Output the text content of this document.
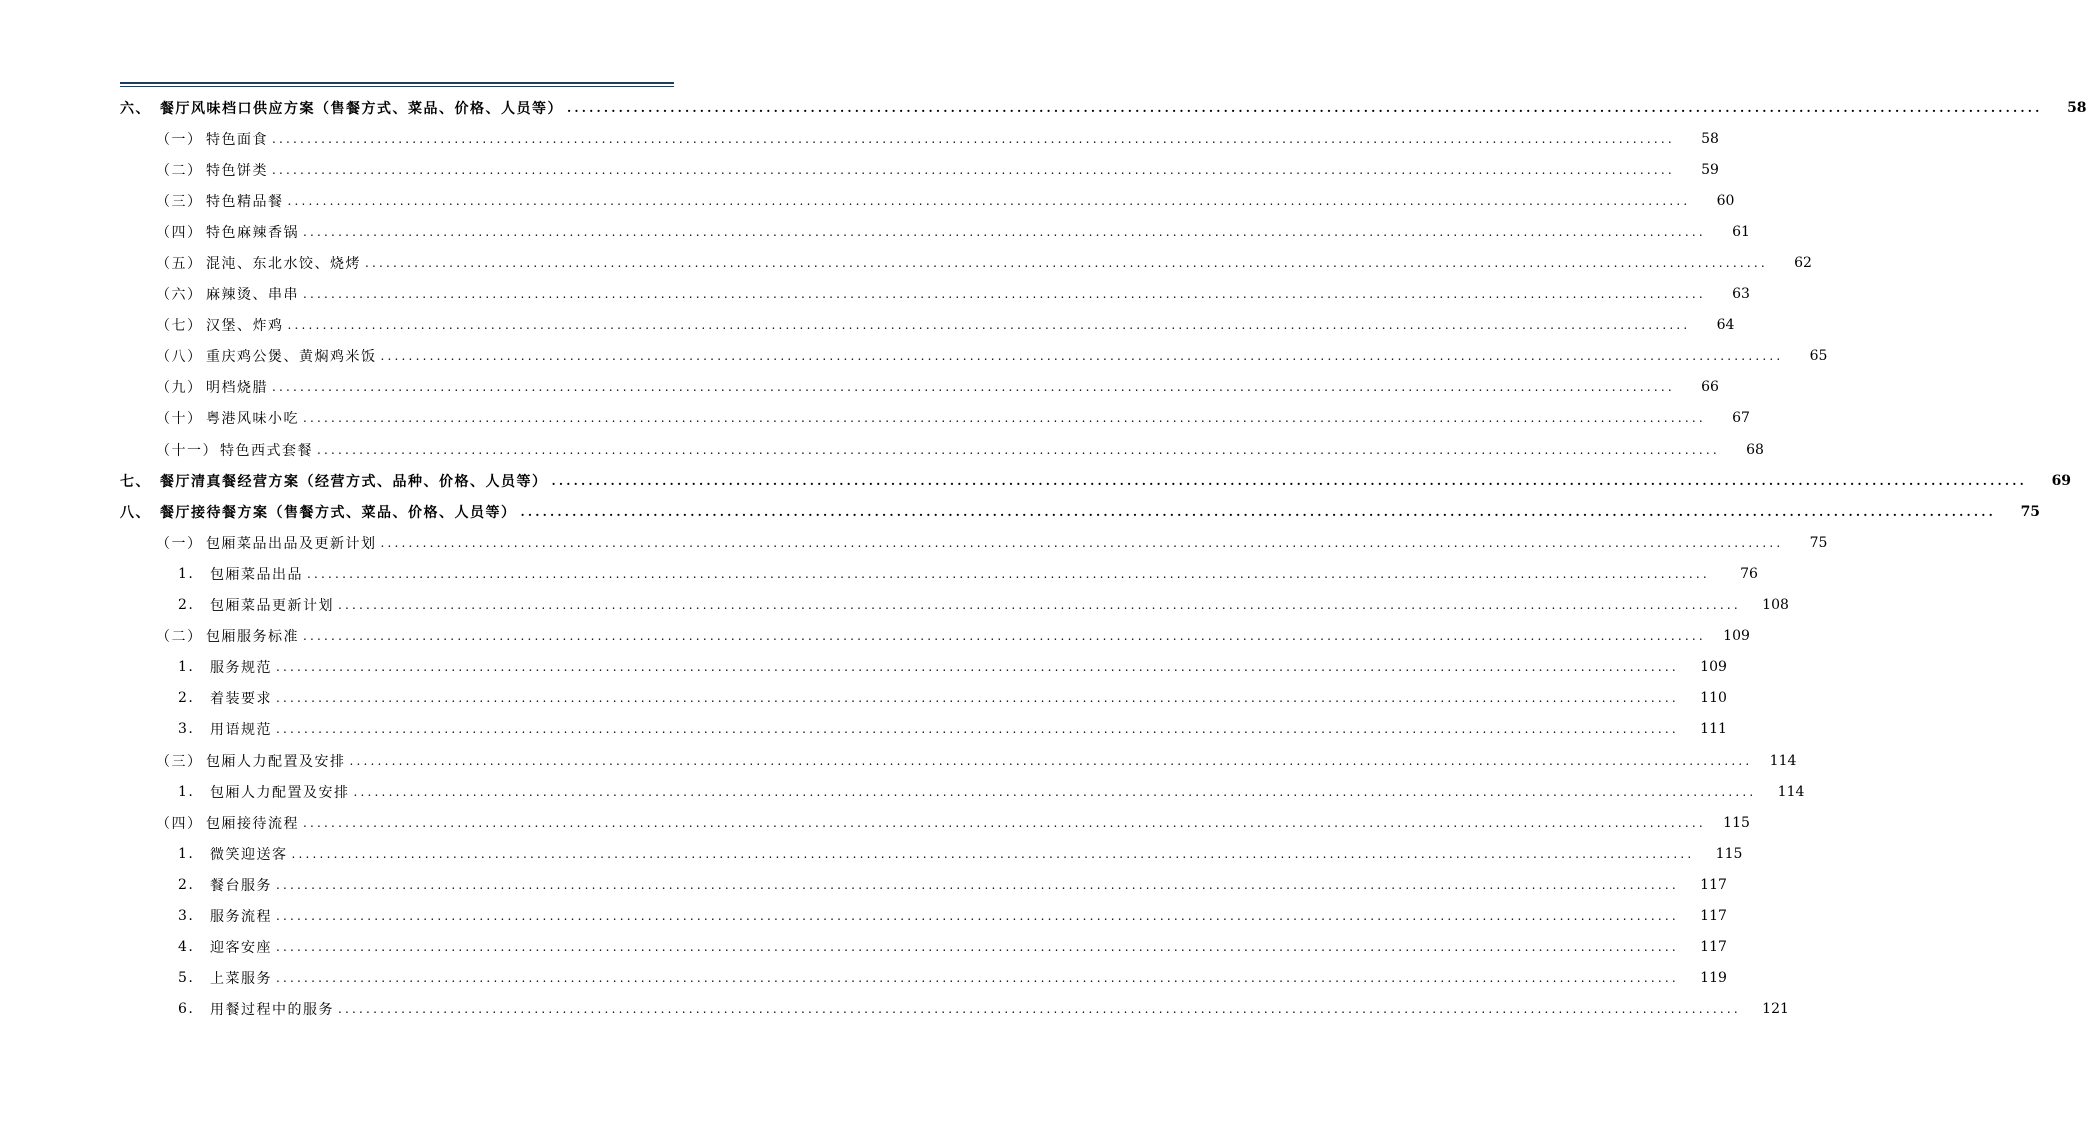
六、 餐厅风味档口供应方案（售餐方式、菜品、价格、人员等） ........................................................................................................................................................................................................	58
（一） 特色面食 ........................................................................................................................................................................................................	58
（二） 特色饼类 ........................................................................................................................................................................................................	59
（三） 特色精品餐 ........................................................................................................................................................................................................	60
（四） 特色麻辣香锅 ........................................................................................................................................................................................................	61
（五） 混沌、东北水饺、烧烤 ........................................................................................................................................................................................................	62
（六） 麻辣烫、串串 ........................................................................................................................................................................................................	63
（七） 汉堡、炸鸡 ........................................................................................................................................................................................................	64
（八） 重庆鸡公煲、黄焖鸡米饭 ........................................................................................................................................................................................................	65
（九） 明档烧腊 ........................................................................................................................................................................................................	66
（十） 粤港风味小吃 ........................................................................................................................................................................................................	67
（十一） 特色西式套餐 ........................................................................................................................................................................................................	68
七、 餐厅清真餐经营方案（经营方式、品种、价格、人员等） ........................................................................................................................................................................................................	69
八、 餐厅接待餐方案（售餐方式、菜品、价格、人员等） ........................................................................................................................................................................................................	75
（一） 包厢菜品出品及更新计划 ........................................................................................................................................................................................................	75
1. 包厢菜品出品 ........................................................................................................................................................................................................	76
2. 包厢菜品更新计划 ........................................................................................................................................................................................................	108
（二） 包厢服务标准 ........................................................................................................................................................................................................	109
1. 服务规范 ........................................................................................................................................................................................................	109
2. 着装要求 ........................................................................................................................................................................................................	110
3. 用语规范 ........................................................................................................................................................................................................	111
（三） 包厢人力配置及安排 ........................................................................................................................................................................................................	114
1. 包厢人力配置及安排 ........................................................................................................................................................................................................	114
（四） 包厢接待流程 ........................................................................................................................................................................................................	115
1. 微笑迎送客 ........................................................................................................................................................................................................	115
2. 餐台服务 ........................................................................................................................................................................................................	117
3. 服务流程 ........................................................................................................................................................................................................	117
4. 迎客安座 ........................................................................................................................................................................................................	117
5. 上菜服务 ........................................................................................................................................................................................................	119
6. 用餐过程中的服务 ........................................................................................................................................................................................................	121
